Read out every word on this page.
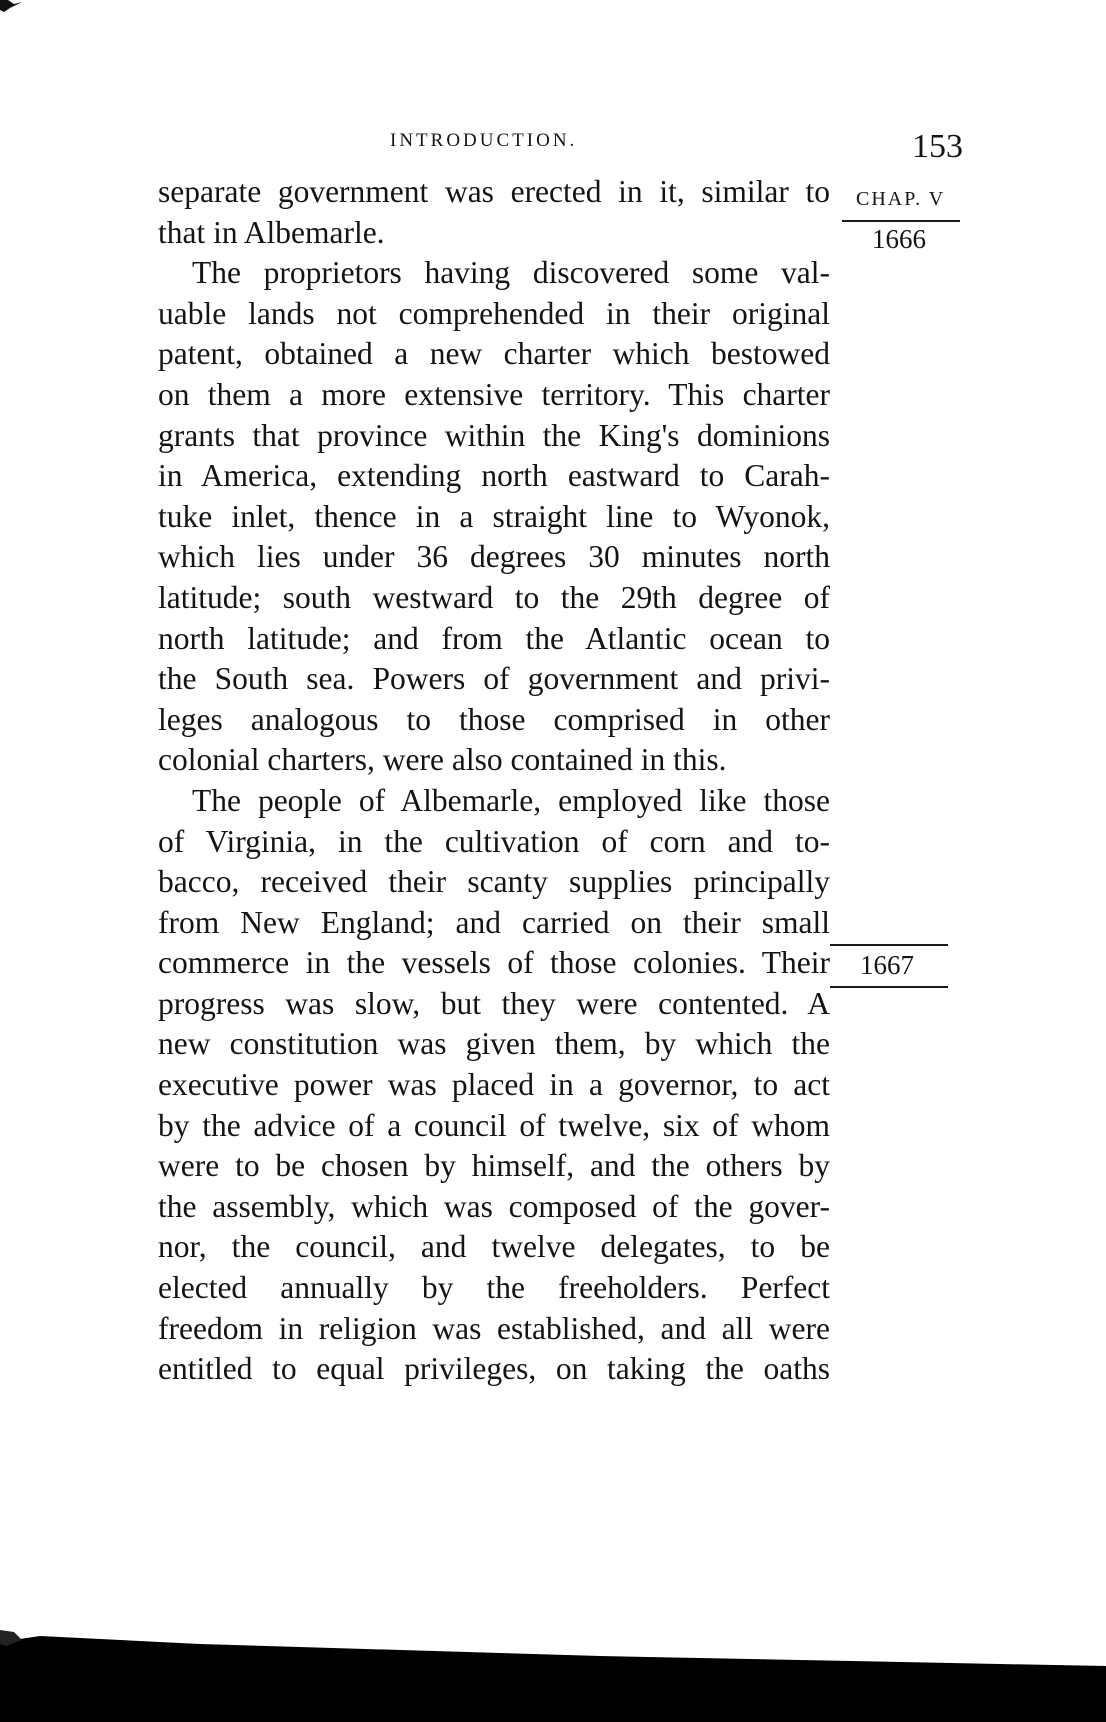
INTRODUCTION.	153
CHAP. V
1666
1667
separate government was erected in it, similar to
that in Albemarle.
The proprietors having discovered some val-
uable lands not comprehended in their original
patent, obtained a new charter which bestowed
on them a more extensive territory. This charter
grants that province within the King's dominions
in America, extending north eastward to Carah-
tuke inlet, thence in a straight line to Wyonok,
which lies under 36 degrees 30 minutes north
latitude; south westward to the 29th degree of
north latitude; and from the Atlantic ocean to
the South sea. Powers of government and privi-
leges analogous to those comprised in other
colonial charters, were also contained in this.
The people of Albemarle, employed like those
of Virginia, in the cultivation of corn and to-
bacco, received their scanty supplies principally
from New England; and carried on their small
commerce in the vessels of those colonies. Their
progress was slow, but they were contented. A
new constitution was given them, by which the
executive power was placed in a governor, to act
by the advice of a council of twelve, six of whom
were to be chosen by himself, and the others by
the assembly, which was composed of the gover-
nor, the council, and twelve delegates, to be
elected annually by the freeholders. Perfect
freedom in religion was established, and all were
entitled to equal privileges, on taking the oaths
